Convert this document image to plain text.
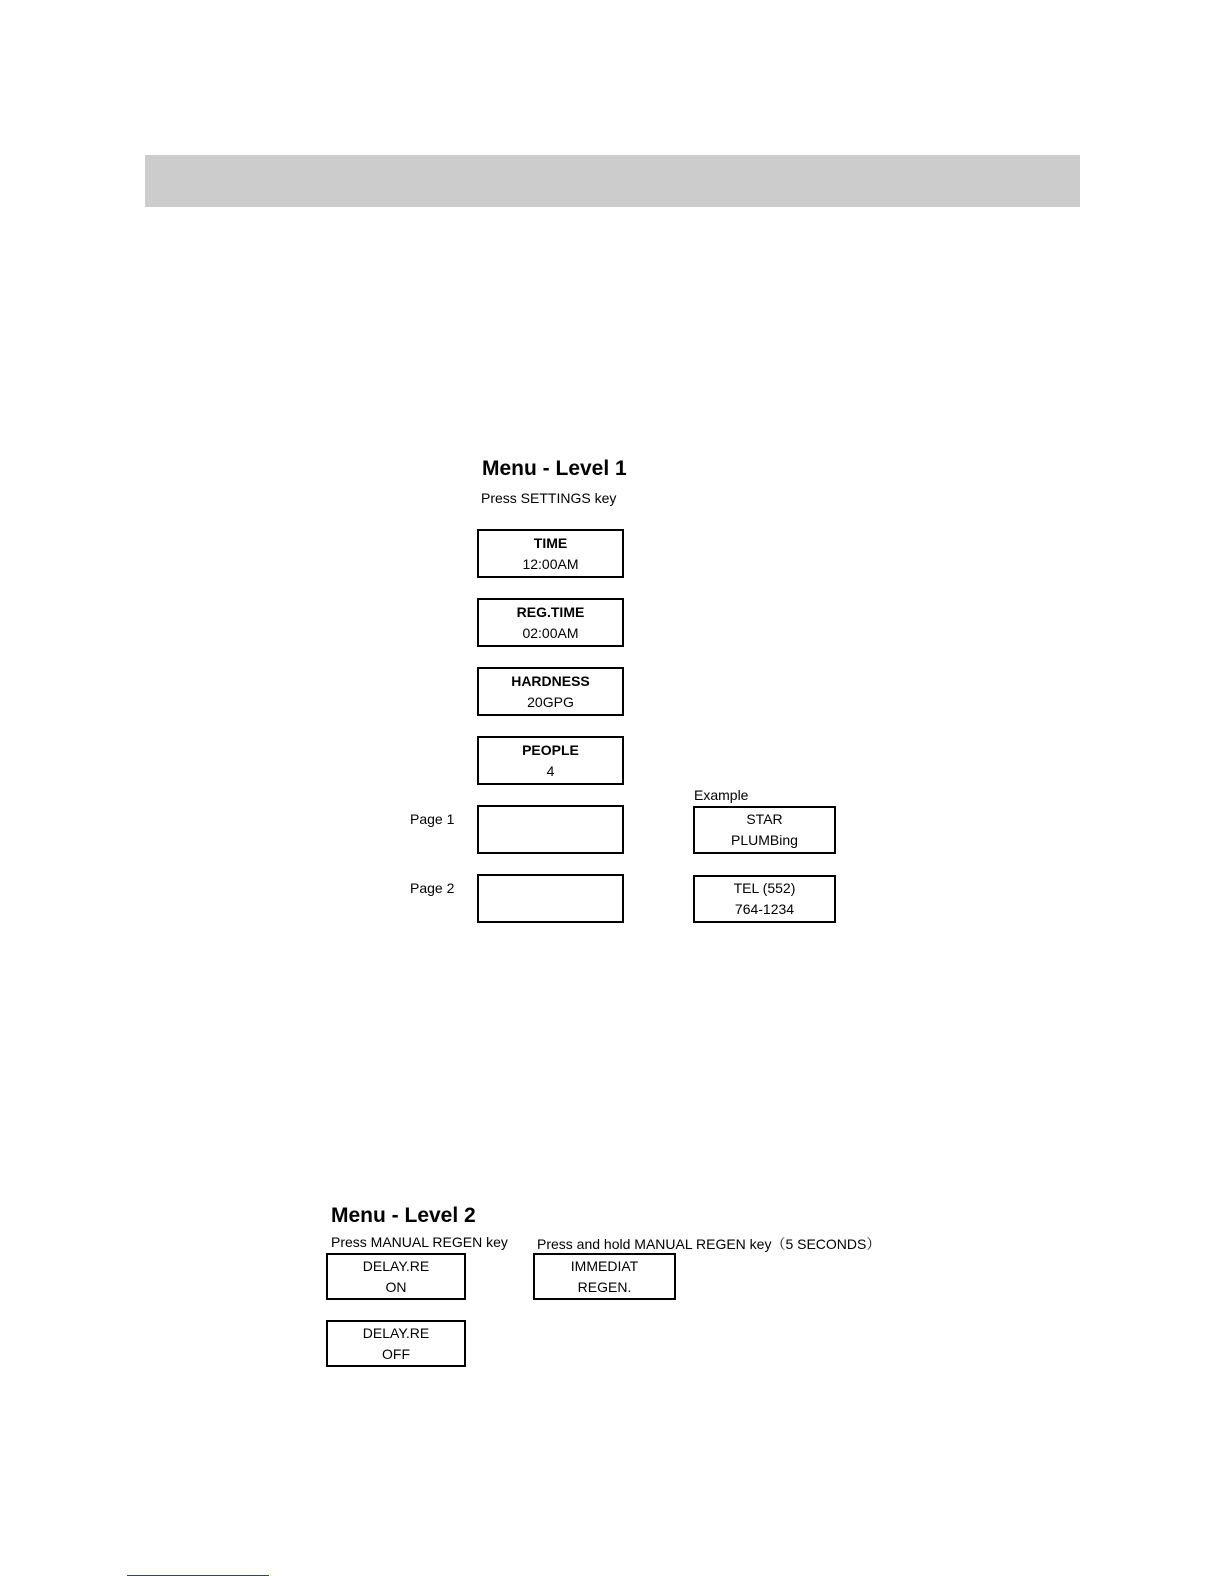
Menu - Level 1
Press SETTINGS key
TIME
12:00AM
REG.TIME
02:00AM
HARDNESS
20GPG
PEOPLE
4
Example
Page 1	STAR
PLUMBing
Page 2	TEL (552)
764-1234
Menu - Level 2
Press MANUAL REGEN key Press and hold MANUAL REGEN key（5 SECONDS）
DELAY.RE
ON
IMMEDIAT
REGEN.
DELAY.RE
OFF
